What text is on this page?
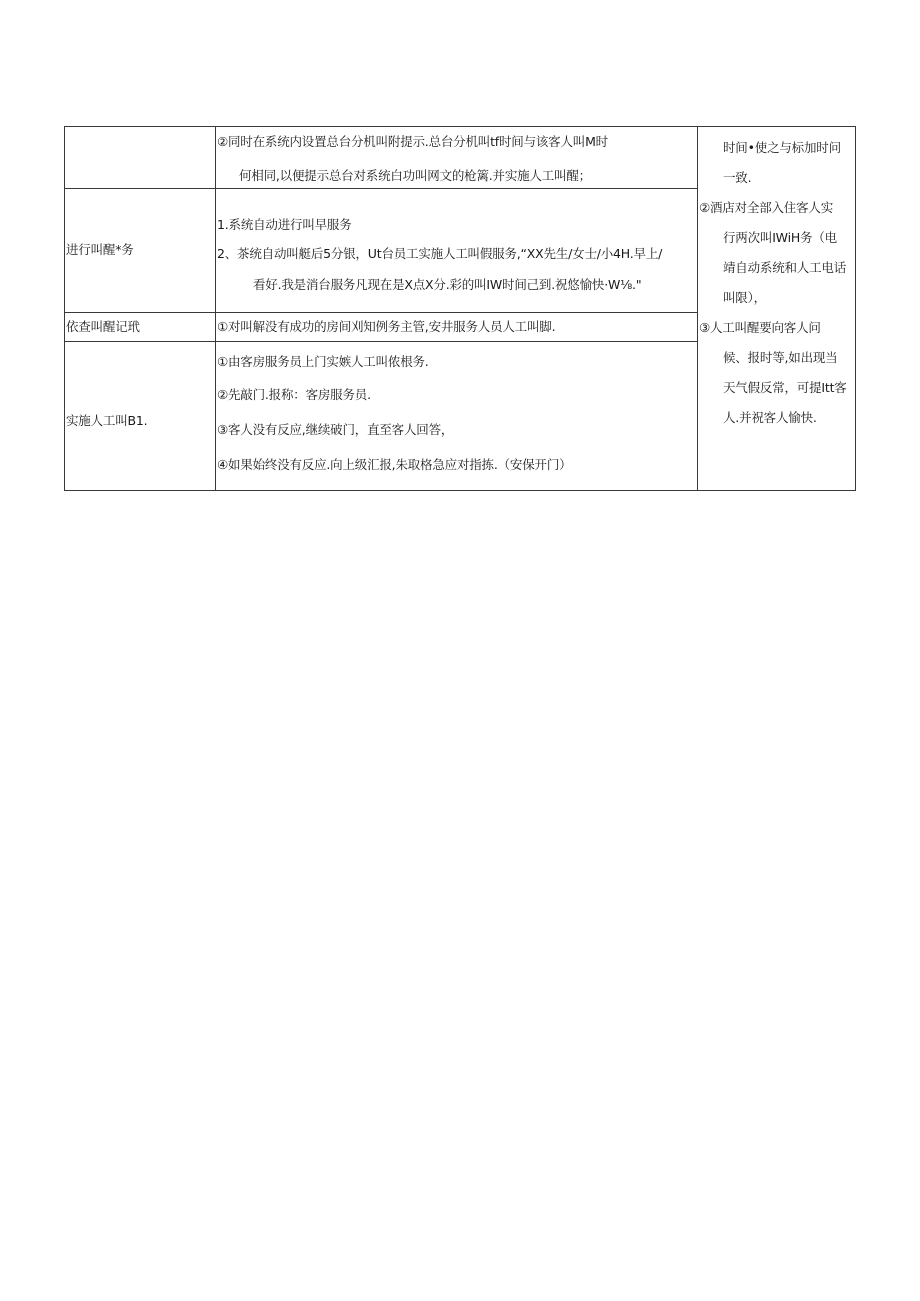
②同时在系统内设置总台分机叫附提示.总台分机叫tf时间与该客人叫M时
何相同,以便提示总台对系统白功叫网文的枪篱.并实施人工叫醒；
进行叫醒*务
1.系统自动进行叫早服务
2、茶统自动叫艇后5分银，Ut台员工实施人工叫假服务,“XX先生/女士/小4H.早上/
看好.我是消台服务凡现在是X点X分.彩的叫IW时间己到.祝悠愉快·W⅛."
依查叫醒记玳	①对叫解没有成功的房间刈知例务主管,安井服务人员人工叫脚.
实施人工叫B1.
①由客房服务员上门实嫉人工叫侬根务.
②先敲门.报称：客房服务员.
③客人没有反应,继续破门，直至客人回答，
④如果始终没有反应.向上级汇报,朱取格急应对指拣.（安保开门）
时间•使之与标加时问
一致.
②酒店对全部入住客人实
行两次叫IWiH务（电
靖自动系统和人工电话
叫限），
③人工叫醒要向客人问
候、报时等,如出现当
天气假反常，可提Itt客
人.并祝客人愉快.
